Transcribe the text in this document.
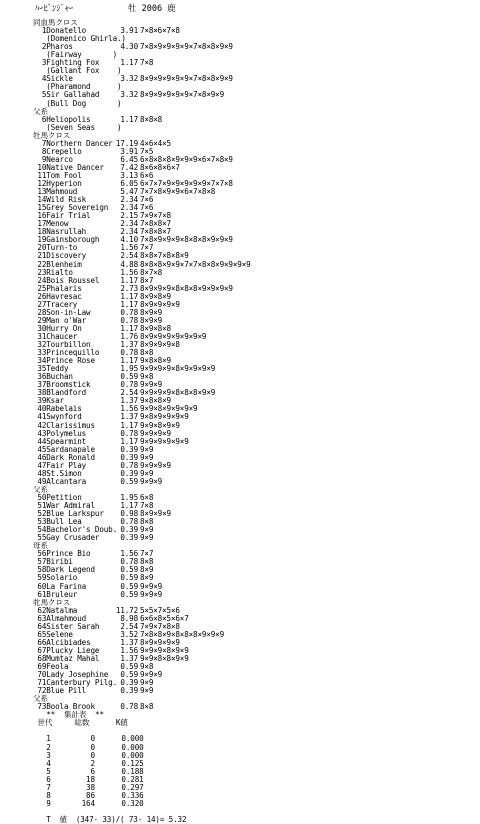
ﾊｰﾋﾞﾝｼﾞｬｰ	牡 2006 鹿
同血馬クロス
1Donatello	3.91 7×8×6×7×8
(Domenico Ghirla.)
2Pharos	4.30 7×8×9×9×9×9×7×8×8×9×9
(Fairway       )
3Fighting Fox	1.17 7×8
(Gallant Fox    )
4Sickle	3.32 8×9×9×9×9×9×7×8×8×9×9
(Pharamond      )
5Sir Gallahad	3.32 8×9×9×9×9×9×7×8×9×9
(Bull Dog       )
父系
6Heliopolis	1.17 8×8×8
(Seven Seas     )
牡馬クロス
7Northern Dancer 17.19 4×6×4×5
8Crepello	3.91 7×5
9Nearco	6.45 6×8×8×8×9×9×9×6×7×8×9
10Native Dancer	7.42 8×6×8×6×7
11Tom Fool	3.13 6×6
12Hyperion	6.05 6×7×7×9×9×9×9×9×7×7×8
13Mahmoud	5.47 7×7×8×9×9×6×7×8×8
14Wild Risk	2.34 7×6
15Grey Sovereign	2.34 7×6
16Fair Trial	2.15 7×9×7×8
17Menow	2.34 7×8×8×7
18Nasrullah	2.34 7×8×8×7
19Gainsborough	4.10 7×8×9×9×9×8×8×8×9×9×9
20Turn-to	1.56 7×7
21Discovery	2.54 8×8×7×8×8×9
22Blenheim	4.88 8×8×8×9×9×7×7×8×8×9×9×9×9
23Rialto	1.56 8×7×8
24Bois Roussel	1.17 8×7
25Phalaris	2.73 8×9×9×9×8×8×8×9×9×9×9
26Havresac	1.17 8×9×8×9
27Tracery	1.17 8×9×9×9×9
28Son-in-Law	0.78 8×9×9
29Man o'War	0.78 8×9×9
30Hurry On	1.17 8×9×8×8
31Chaucer	1.76 8×9×9×9×9×9×9×9
32Tourbillon	1.37 8×9×9×9×8
33Princequillo	0.78 8×8
34Prince Rose	1.17 9×8×8×9
35Teddy	1.95 9×9×9×9×8×9×9×9×9
36Buchan	0.59 9×8
37Broomstick	0.78 9×9×9
38Blandford	2.54 9×9×9×9×8×8×8×9×9
39Ksar	1.37 9×8×8×9
40Rabelais	1.56 9×9×8×9×9×9×9
41Swynford	1.37 9×8×9×9×9×9
42Clarissimus	1.17 9×9×8×9×9
43Polymelus	0.78 9×9×9×9
44Spearmint	1.17 9×9×9×9×9×9
45Sardanapale	0.39 9×9
46Dark Ronald	0.39 9×9
47Fair Play	0.78 9×9×9×9
48St.Simon	0.39 9×9
49Alcantara	0.59 9×9×9
父系
50Petition	1.95 6×8
51War Admiral	1.17 7×8
52Blue Larkspur	0.98 8×9×9×9
53Bull Lea	0.78 8×8
54Bachelor's Doub. 0.39 9×9
55Gay Crusader	0.39 9×9
母系
56Prince Bio	1.56 7×7
57Biribi	0.78 8×8
58Dark Legend	0.59 8×9
59Solario	0.59 8×9
60La Farina	0.59 9×9×9
61Bruleur	0.59 9×9×9
牝馬クロス
62Natalma	11.72 5×5×7×5×6
63Almahmoud	8.98 6×6×8×5×6×7
64Sister Sarah	2.54 7×9×7×8×8
65Selene	3.52 7×8×8×9×8×8×8×9×9×9
66Alcibiades	1.37 8×9×9×9×9
67Plucky Liege	1.56 9×9×9×8×9×9
68Mumtaz Mahal	1.37 9×9×8×8×9×9
69Feola	0.59 9×8
70Lady Josephine	0.59 9×9×9
71Canterbury Pilg. 0.39 9×9
72Blue Pill	0.39 9×9
父系
73Boola Brook	0.78 8×8
**  集計表  **
世代     総数      K値
1         0      0.000
2         0      0.000
3         0      0.000
4         2      0.125
5         6      0.188
6        18      0.281
7        38      0.297
8        86      0.336
9       164      0.320
T  値  (347- 33)/( 73- 14)= 5.32
